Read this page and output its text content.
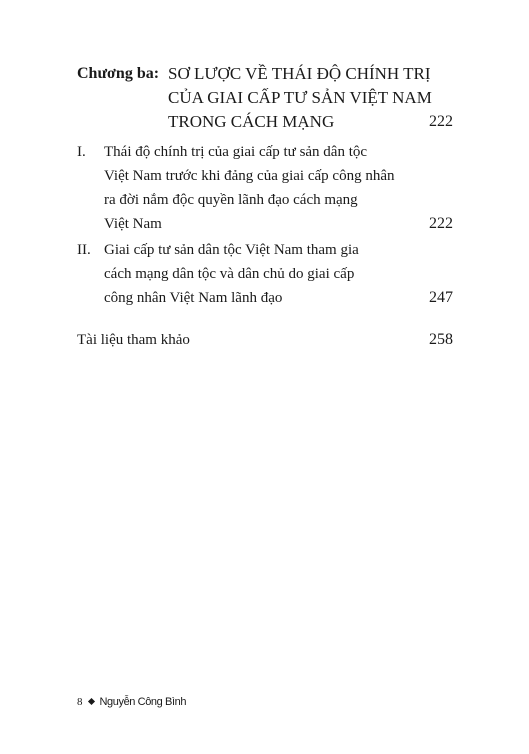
Chương ba: SƠ LƯỢC VỀ THÁI ĐỘ CHÍNH TRỊ
CỦA GIAI CẤP TƯ SẢN VIỆT NAM
TRONG CÁCH MẠNG	222
I. Thái độ chính trị của giai cấp tư sản dân tộc
Việt Nam trước khi đảng của giai cấp công nhân
ra đời nắm độc quyền lãnh đạo cách mạng
Việt Nam	222
II. Giai cấp tư sản dân tộc Việt Nam tham gia
cách mạng dân tộc và dân chủ do giai cấp
công nhân Việt Nam lãnh đạo	247
Tài liệu tham khảo	258
8 Nguyễn Công Bình
